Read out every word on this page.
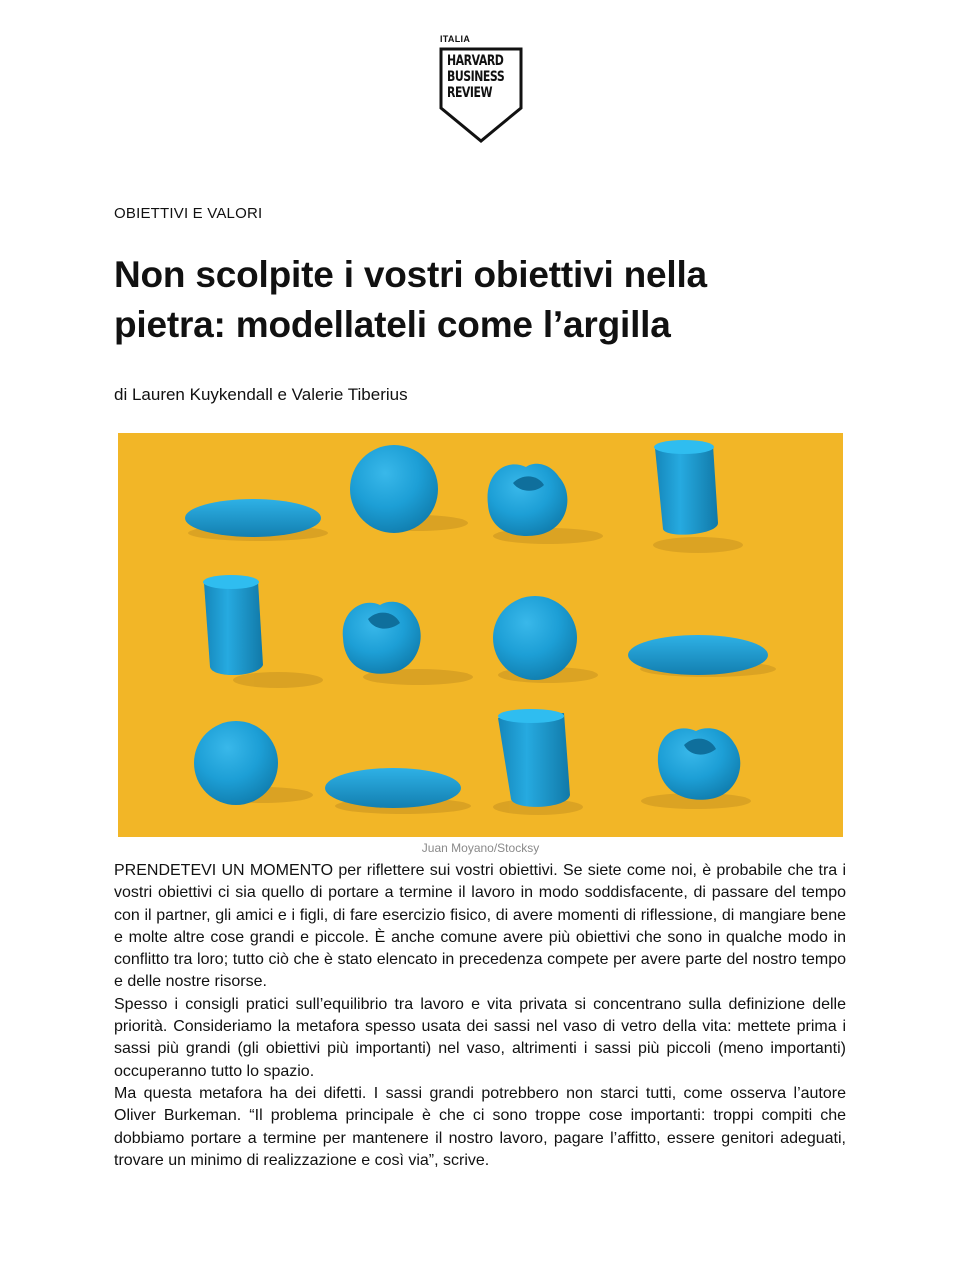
ITALIA
HARVARD
BUSINESS
REVIEW
OBIETTIVI E VALORI
Non scolpite i vostri obiettivi nella
pietra: modellateli come l’argilla
di Lauren Kuykendall e Valerie Tiberius
Juan Moyano/Stocksy

PRENDETEVI UN MOMENTO per riflettere sui vostri obiettivi. Se siete come noi, è probabile che tra i vostri obiettivi ci sia quello di portare a termine il lavoro in modo soddisfacente, di passare del tempo con il partner, gli amici e i figli, di fare esercizio fisico, di avere momenti di riflessione, di mangiare bene e molte altre cose grandi e piccole. È anche comune avere più obiettivi che sono in qualche modo in conflitto tra loro; tutto ciò che è stato elencato in precedenza compete per avere parte del nostro tempo e delle nostre risorse.

Spesso i consigli pratici sull’equilibrio tra lavoro e vita privata si concentrano sulla definizione delle priorità. Consideriamo la metafora spesso usata dei sassi nel vaso di vetro della vita: mettete prima i sassi più grandi (gli obiettivi più importanti) nel vaso, altrimenti i sassi più piccoli (meno importanti) occuperanno tutto lo spazio.

Ma questa metafora ha dei difetti. I sassi grandi potrebbero non starci tutti, come osserva l’autore Oliver Burkeman. “Il problema principale è che ci sono troppe cose importanti: troppi compiti che dobbiamo portare a termine per mantenere il nostro lavoro, pagare l’affitto, essere genitori adeguati, trovare un minimo di realizzazione e così via”, scrive.
